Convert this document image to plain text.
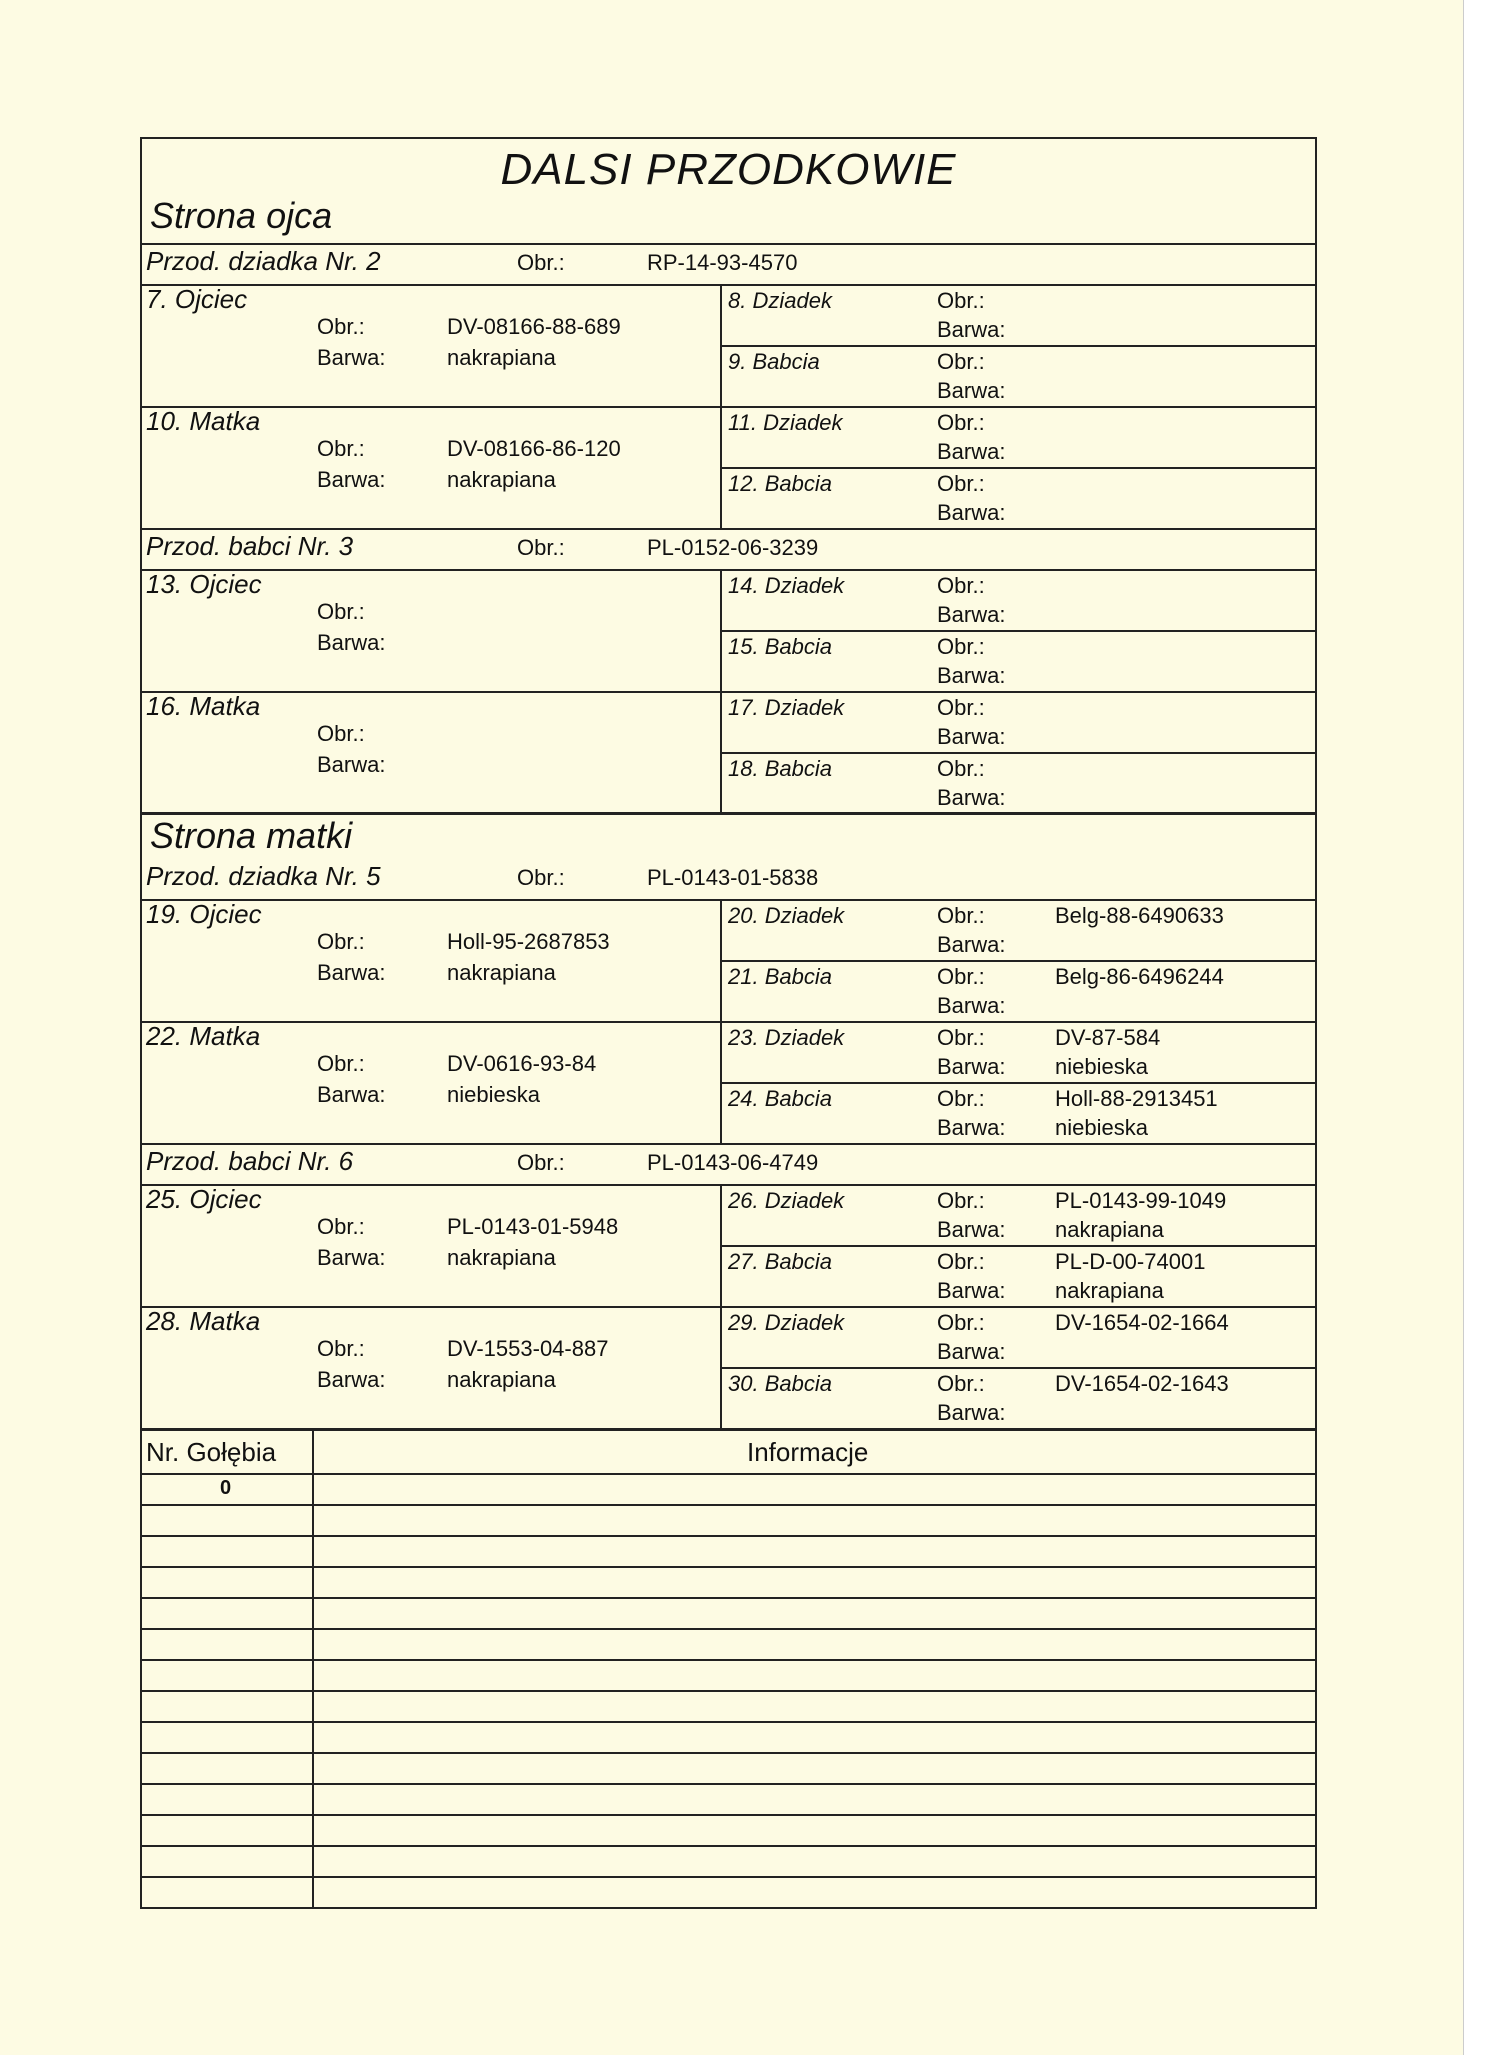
DALSI PRZODKOWIE
Strona ojca
Strona matki
Przod. dziadka Nr. 2	Obr.:	RP-14-93-4570
7. Ojciec
Obr.:	DV-08166-88-689
Barwa:	nakrapiana
10. Matka
Obr.:	DV-08166-86-120
Barwa:	nakrapiana
8. Dziadek	Obr.:
Barwa:
9. Babcia	Obr.:
Barwa:
11. Dziadek	Obr.:
Barwa:
12. Babcia	Obr.:
Barwa:
Przod. babci Nr. 3	Obr.:	PL-0152-06-3239
13. Ojciec
Obr.:
Barwa:
16. Matka
Obr.:
Barwa:
14. Dziadek	Obr.:
Barwa:
15. Babcia	Obr.:
Barwa:
17. Dziadek	Obr.:
Barwa:
18. Babcia	Obr.:
Barwa:
Przod. dziadka Nr. 5	Obr.:	PL-0143-01-5838
19. Ojciec
Obr.:	Holl-95-2687853
Barwa:	nakrapiana
22. Matka
Obr.:	DV-0616-93-84
Barwa:	niebieska
20. Dziadek	Obr.:	Belg-88-6490633
Barwa:
21. Babcia	Obr.:	Belg-86-6496244
Barwa:
23. Dziadek	Obr.:	DV-87-584
Barwa: niebieska
24. Babcia	Obr.:	Holl-88-2913451
Barwa: niebieska
Przod. babci Nr. 6	Obr.:	PL-0143-06-4749
25. Ojciec
Obr.:	PL-0143-01-5948
Barwa:	nakrapiana
28. Matka
Obr.:	DV-1553-04-887
Barwa:	nakrapiana
26. Dziadek	Obr.:	PL-0143-99-1049
Barwa: nakrapiana
27. Babcia	Obr.:	PL-D-00-74001
Barwa: nakrapiana
29. Dziadek	Obr.:	DV-1654-02-1664
Barwa:
30. Babcia	Obr.:	DV-1654-02-1643
Barwa:
Nr. Gołębia	Informacje
0
